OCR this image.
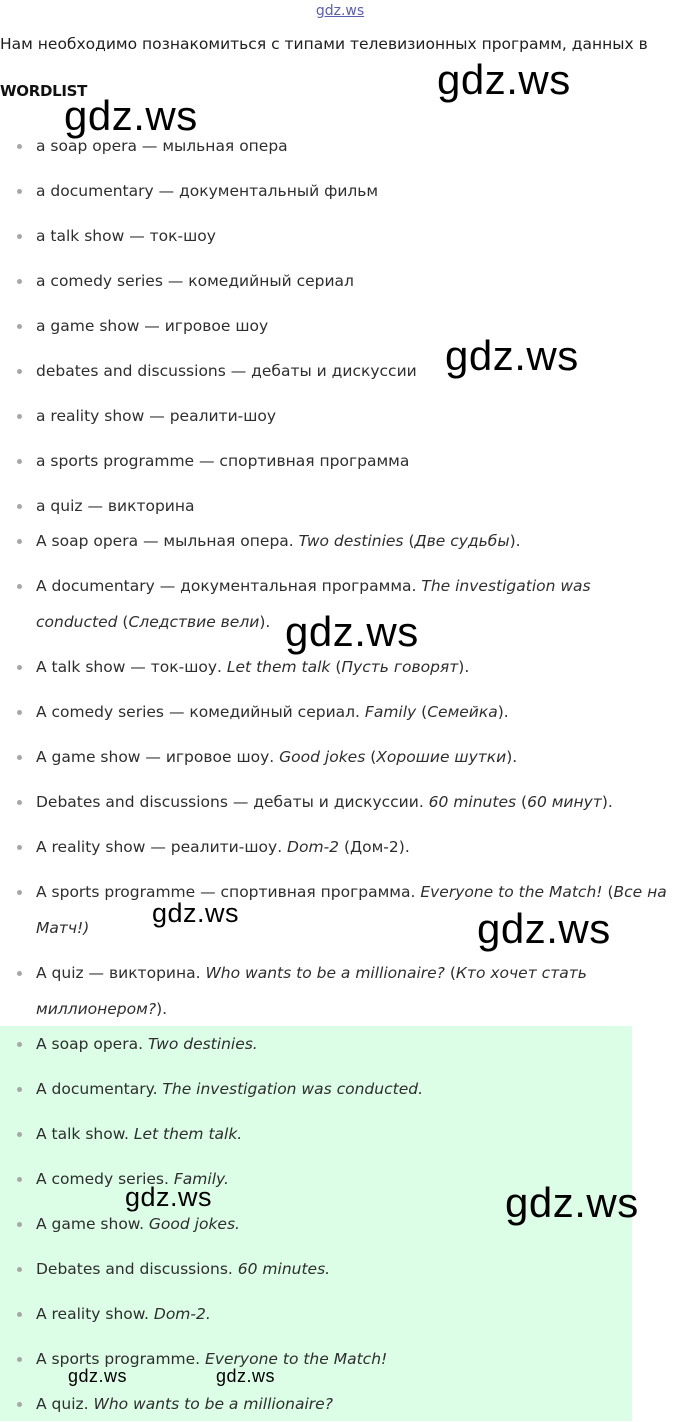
gdz.ws
Нам необходимо познакомиться с типами телевизионных программ, данных в
WORDLIST
a soap opera — мыльная опера
a documentary — документальный фильм
a talk show — ток-шоу
a comedy series — комедийный сериал
a game show — игровое шоу
debates and discussions — дебаты и дискуссии
a reality show — реалити-шоу
a sports programme — спортивная программа
a quiz — викторина
A soap opera — мыльная опера. Two destinies (Две судьбы).
A documentary — документальная программа. The investigation was conducted (Следствие вели).
A talk show — ток-шоу. Let them talk (Пусть говорят).
A comedy series — комедийный сериал. Family (Семейка).
A game show — игровое шоу. Good jokes (Хорошие шутки).
Debates and discussions — дебаты и дискуссии. 60 minutes (60 минут).
A reality show — реалити-шоу. Dom-2 (Дом-2).
A sports programme — спортивная программа. Everyone to the Match! (Все на Матч!)
A quiz — викторина. Who wants to be a millionaire? (Кто хочет стать миллионером?).
A soap opera. Two destinies.
A documentary. The investigation was conducted.
A talk show. Let them talk.
A comedy series. Family.
A game show. Good jokes.
Debates and discussions. 60 minutes.
A reality show. Dom-2.
A sports programme. Everyone to the Match!
A quiz. Who wants to be a millionaire?
gdz.ws
gdz.ws
gdz.ws
gdz.ws
gdz.ws	gdz.ws
gdz.ws	gdz.ws
gdz.ws	gdz.ws
